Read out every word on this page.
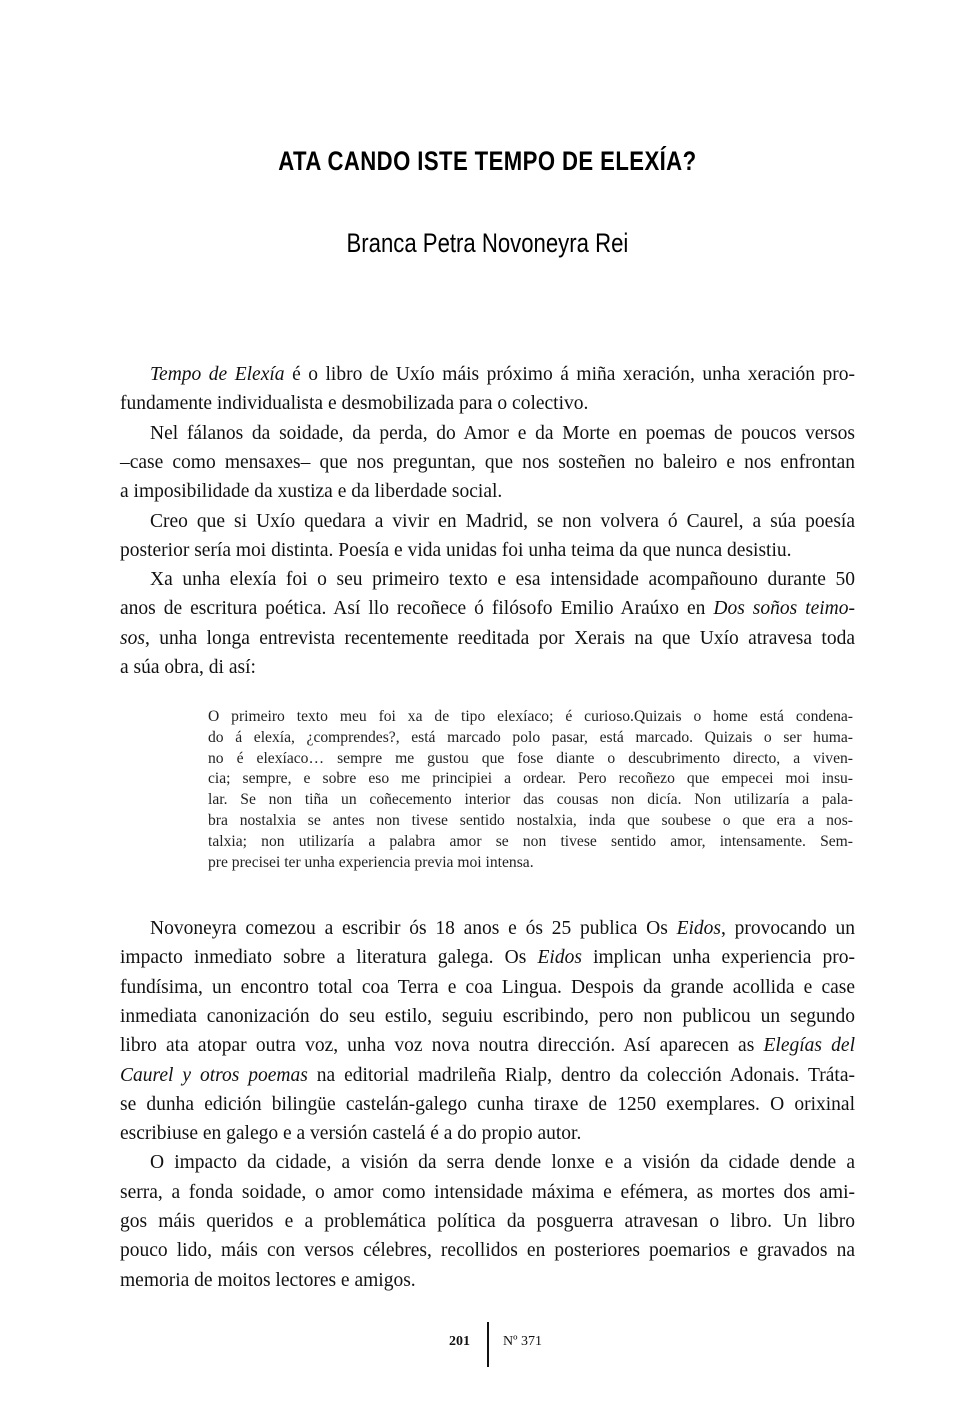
ATA CANDO ISTE TEMPO DE ELEXÍA?
Branca Petra Novoneyra Rei
Tempo de Elexía é o libro de Uxío máis próximo á miña xeración, unha xeración pro-
fundamente individualista e desmobilizada para o colectivo.
Nel fálanos da soidade, da perda, do Amor e da Morte en poemas de poucos versos
–case como mensaxes– que nos preguntan, que nos sosteñen no baleiro e nos enfrontan
a imposibilidade da xustiza e da liberdade social.
Creo que si Uxío quedara a vivir en Madrid, se non volvera ó Caurel, a súa poesía
posterior sería moi distinta. Poesía e vida unidas foi unha teima da que nunca desistiu.
Xa unha elexía foi o seu primeiro texto e esa intensidade acompañouno durante 50
anos de escritura poética. Así llo recoñece ó filósofo Emilio Araúxo en Dos soños teimo-
sos, unha longa entrevista recentemente reeditada por Xerais na que Uxío atravesa toda
a súa obra, di así:
O primeiro texto meu foi xa de tipo elexíaco; é curioso.Quizais o home está condena-
do á elexía, ¿comprendes?, está marcado polo pasar, está marcado. Quizais o ser huma-
no é elexíaco… sempre me gustou que fose diante o descubrimento directo, a viven-
cia; sempre, e sobre eso me principiei a ordear. Pero recoñezo que empecei moi insu-
lar. Se non tiña un coñecemento interior das cousas non dicía. Non utilizaría a pala-
bra nostalxia se antes non tivese sentido nostalxia, inda que soubese o que era a nos-
talxia; non utilizaría a palabra amor se non tivese sentido amor, intensamente. Sem-
pre precisei ter unha experiencia previa moi intensa.
Novoneyra comezou a escribir ós 18 anos e ós 25 publica Os Eidos, provocando un
impacto inmediato sobre a literatura galega. Os Eidos implican unha experiencia pro-
fundísima, un encontro total coa Terra e coa Lingua. Despois da grande acollida e case
inmediata canonización do seu estilo, seguiu escribindo, pero non publicou un segundo
libro ata atopar outra voz, unha voz nova noutra dirección. Así aparecen as Elegías del
Caurel y otros poemas na editorial madrileña Rialp, dentro da colección Adonais. Tráta-
se dunha edición bilingüe castelán-galego cunha tiraxe de 1250 exemplares. O orixinal
escribiuse en galego e a versión castelá é a do propio autor.
O impacto da cidade, a visión da serra dende lonxe e a visión da cidade dende a
serra, a fonda soidade, o amor como intensidade máxima e efémera, as mortes dos ami-
gos máis queridos e a problemática política da posguerra atravesan o libro. Un libro
pouco lido, máis con versos célebres, recollidos en posteriores poemarios e gravados na
memoria de moitos lectores e amigos.
201 Nº 371
